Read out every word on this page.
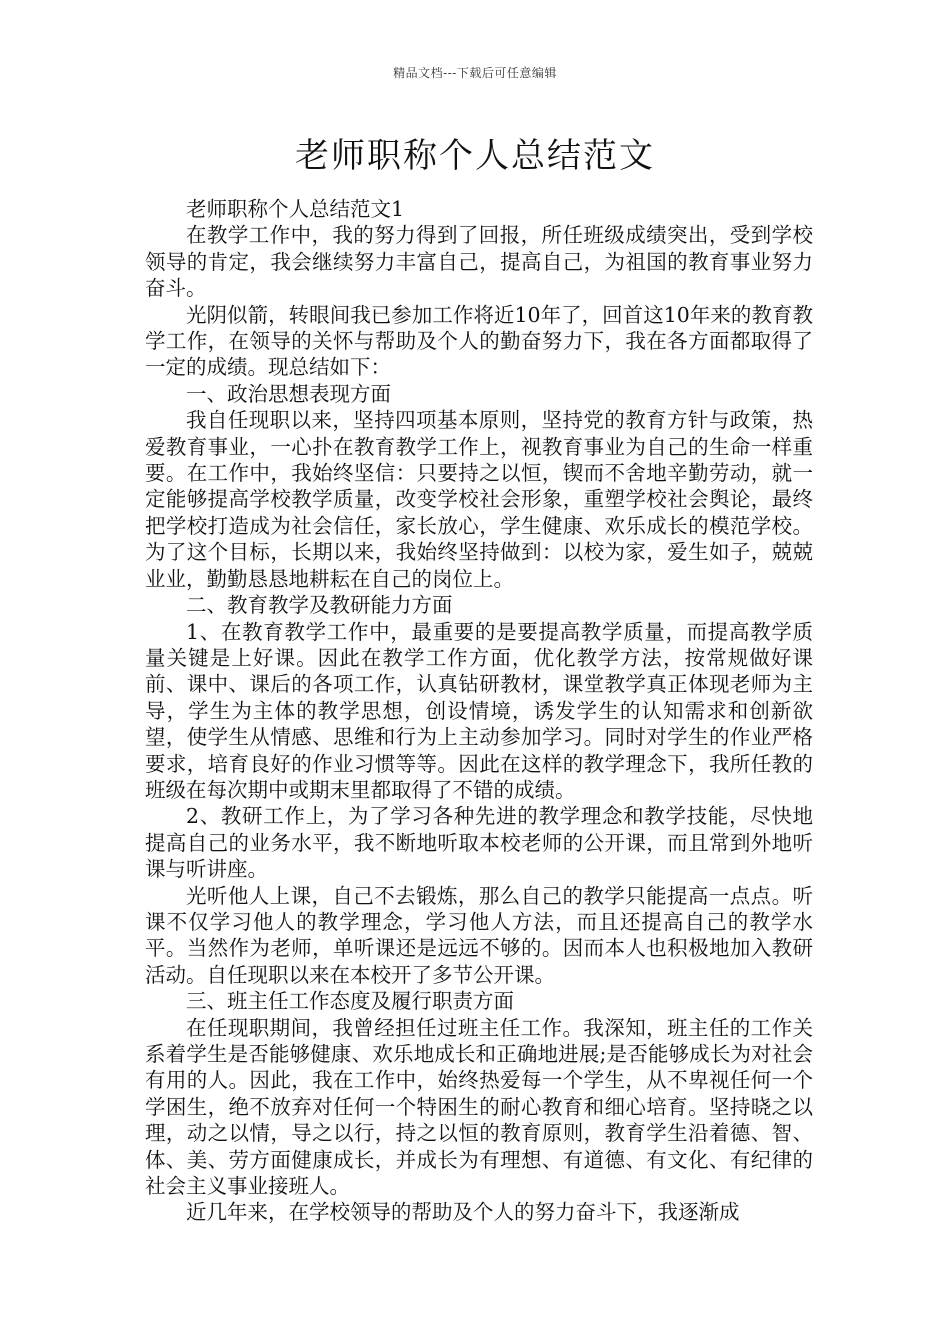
精品文档---下载后可任意编辑
老师职称个人总结范文

老师职称个人总结范文1

在教学工作中，我的努力得到了回报，所任班级成绩突出，受到学校领导的肯定，我会继续努力丰富自己，提高自己，为祖国的教育事业努力奋斗。

光阴似箭，转眼间我已参加工作将近10年了，回首这10年来的教育教学工作，在领导的关怀与帮助及个人的勤奋努力下，我在各方面都取得了一定的成绩。现总结如下：

一、政治思想表现方面

我自任现职以来，坚持四项基本原则，坚持党的教育方针与政策，热爱教育事业，一心扑在教育教学工作上，视教育事业为自己的生命一样重要。在工作中，我始终坚信：只要持之以恒，锲而不舍地辛勤劳动，就一定能够提高学校教学质量，改变学校社会形象，重塑学校社会舆论，最终把学校打造成为社会信任，家长放心，学生健康、欢乐成长的模范学校。为了这个目标，长期以来，我始终坚持做到：以校为家，爱生如子，兢兢业业，勤勤恳恳地耕耘在自己的岗位上。

二、教育教学及教研能力方面

1、在教育教学工作中，最重要的是要提高教学质量，而提高教学质量关键是上好课。因此在教学工作方面，优化教学方法，按常规做好课前、课中、课后的各项工作，认真钻研教材，课堂教学真正体现老师为主导，学生为主体的教学思想，创设情境，诱发学生的认知需求和创新欲望，使学生从情感、思维和行为上主动参加学习。同时对学生的作业严格要求，培育良好的作业习惯等等。因此在这样的教学理念下，我所任教的班级在每次期中或期末里都取得了不错的成绩。

2、教研工作上，为了学习各种先进的教学理念和教学技能，尽快地提高自己的业务水平，我不断地听取本校老师的公开课，而且常到外地听课与听讲座。

光听他人上课，自己不去锻炼，那么自己的教学只能提高一点点。听课不仅学习他人的教学理念，学习他人方法，而且还提高自己的教学水平。当然作为老师，单听课还是远远不够的。因而本人也积极地加入教研活动。自任现职以来在本校开了多节公开课。

三、班主任工作态度及履行职责方面

在任现职期间，我曾经担任过班主任工作。我深知，班主任的工作关系着学生是否能够健康、欢乐地成长和正确地进展;是否能够成长为对社会有用的人。因此，我在工作中，始终热爱每一个学生，从不卑视任何一个学困生，绝不放弃对任何一个特困生的耐心教育和细心培育。坚持晓之以理，动之以情，导之以行，持之以恒的教育原则，教育学生沿着德、智、体、美、劳方面健康成长，并成长为有理想、有道德、有文化、有纪律的社会主义事业接班人。

近几年来，在学校领导的帮助及个人的努力奋斗下，我逐渐成
